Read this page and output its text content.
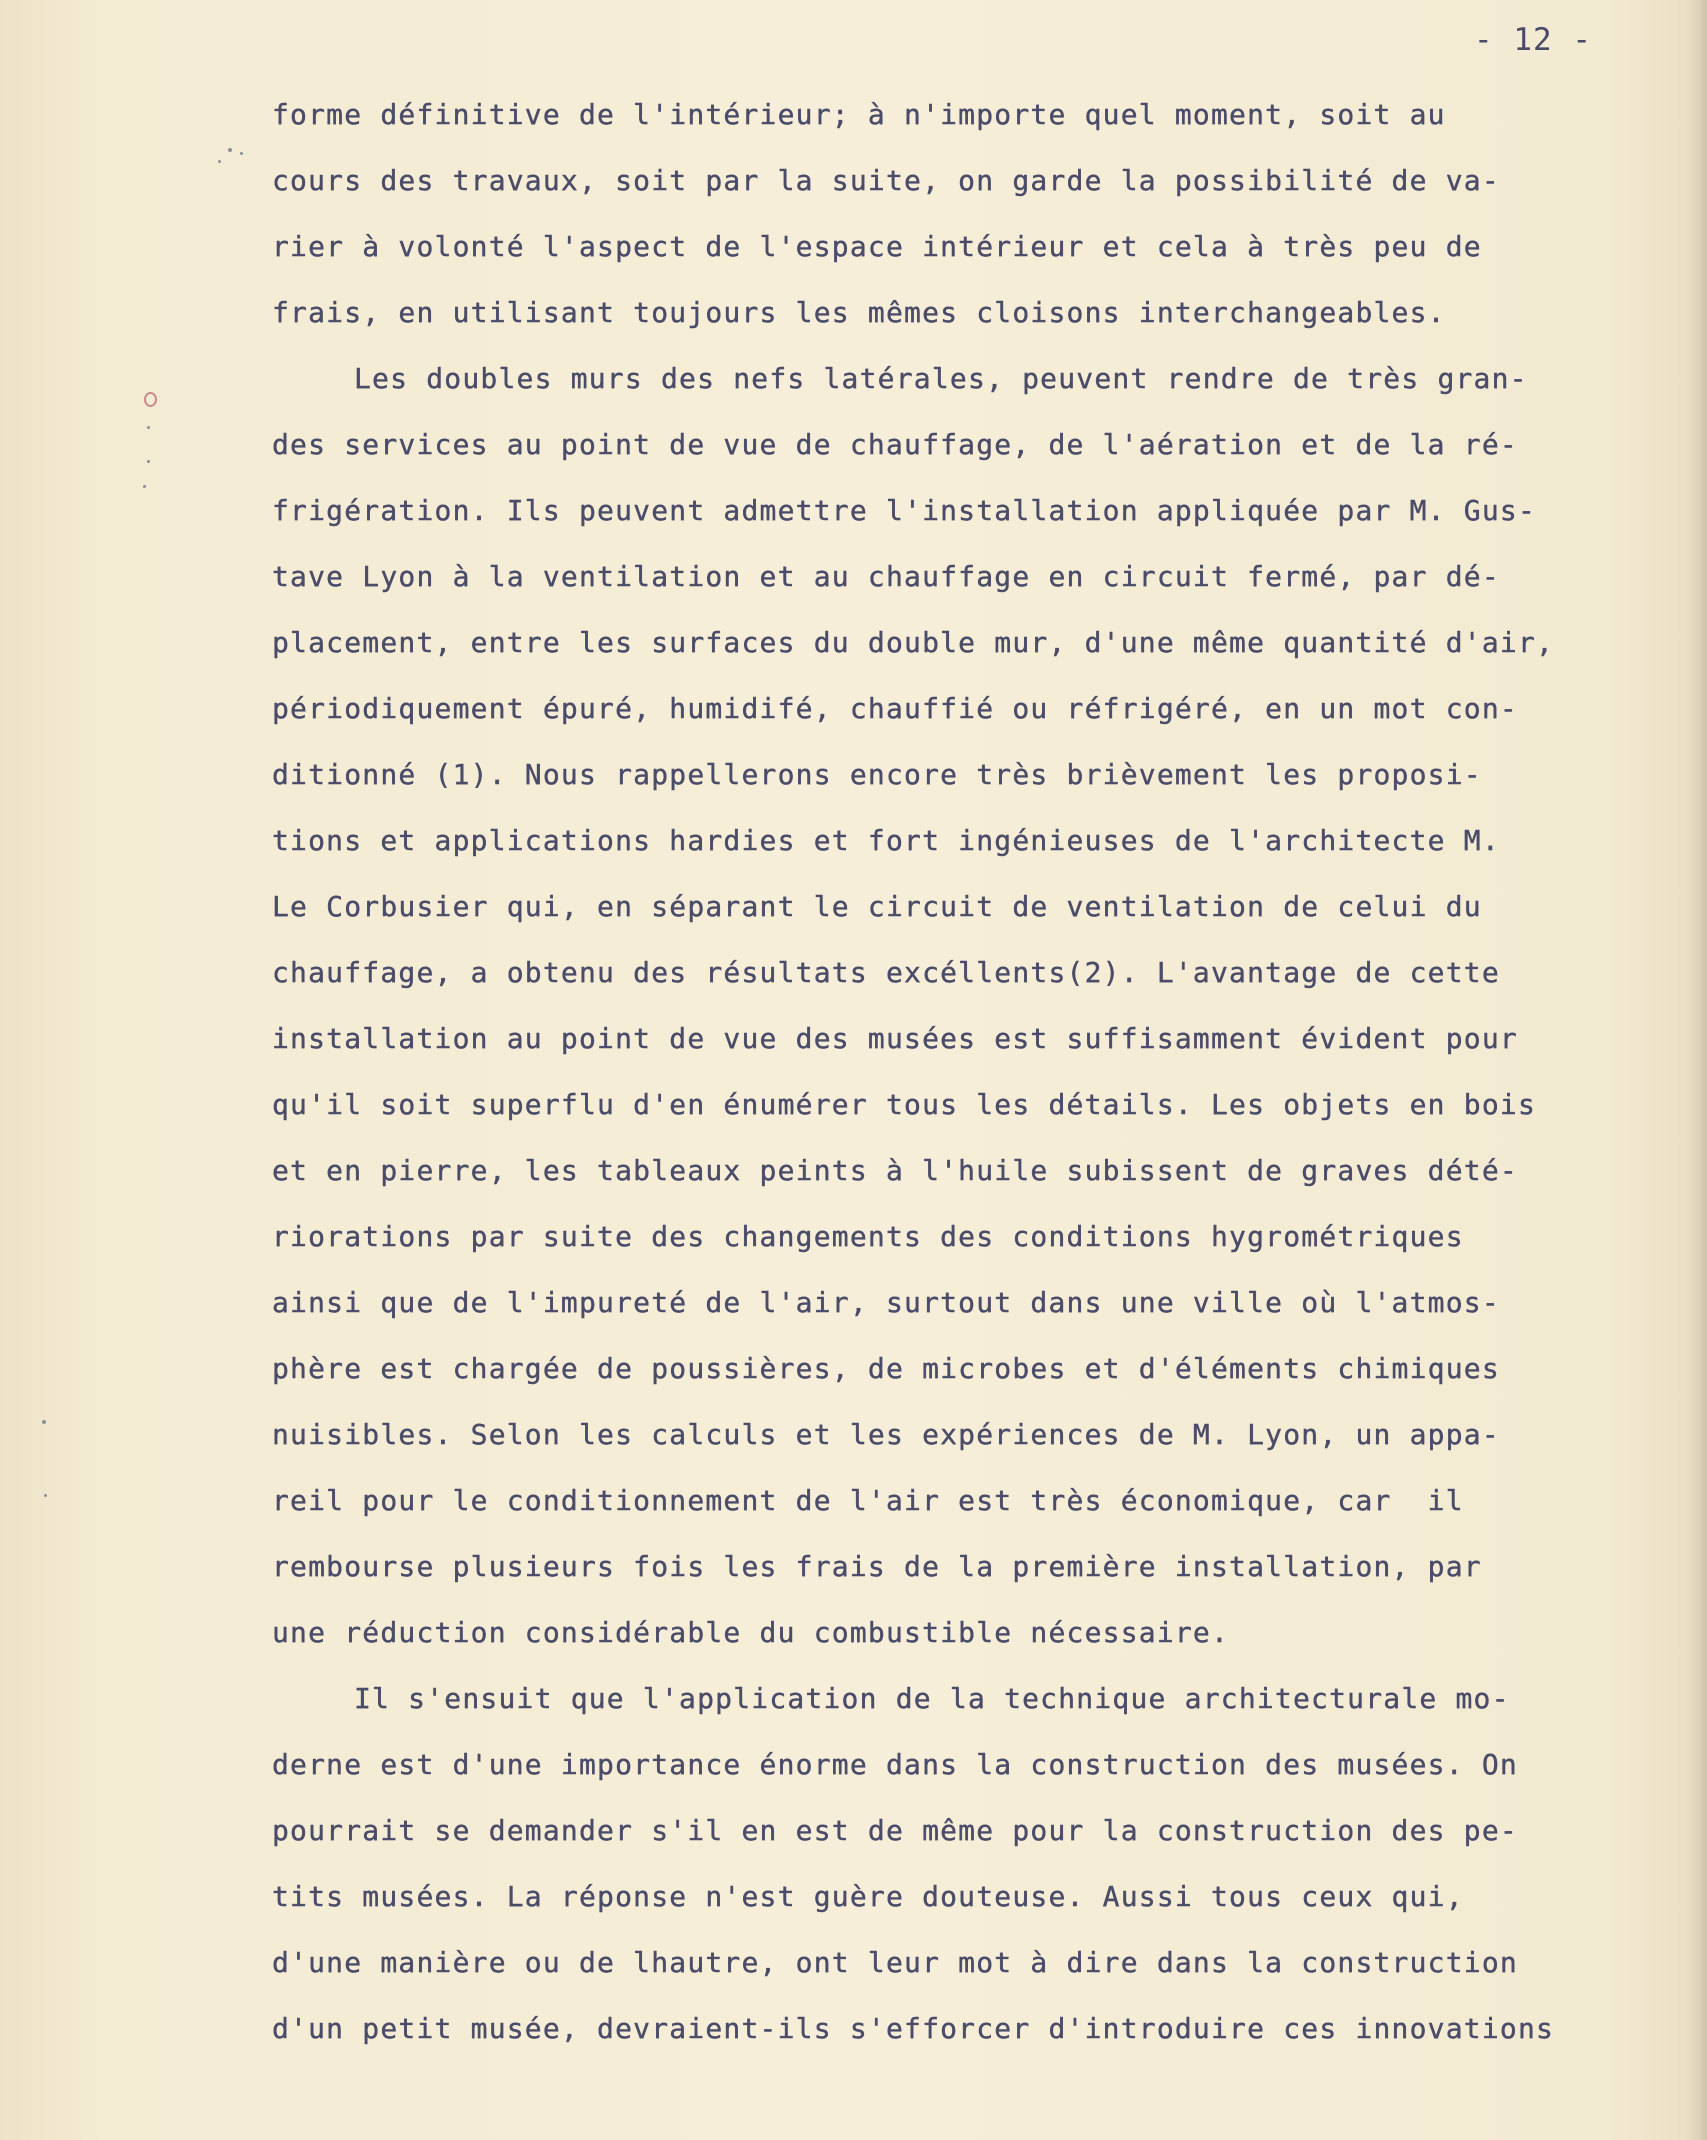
- 12 -
forme définitive de l'intérieur; à n'importe quel moment, soit au
cours des travaux, soit par la suite, on garde la possibilité de va-
rier à volonté l'aspect de l'espace intérieur et cela à très peu de
frais, en utilisant toujours les mêmes cloisons interchangeables.
Les doubles murs des nefs latérales, peuvent rendre de très gran-
des services au point de vue de chauffage, de l'aération et de la ré-
frigération. Ils peuvent admettre l'installation appliquée par M. Gus-
tave Lyon à la ventilation et au chauffage en circuit fermé, par dé-
placement, entre les surfaces du double mur, d'une même quantité d'air,
périodiquement épuré, humidifé, chauffié ou réfrigéré, en un mot con-
ditionné (1). Nous rappellerons encore très brièvement les proposi-
tions et applications hardies et fort ingénieuses de l'architecte M.
Le Corbusier qui, en séparant le circuit de ventilation de celui du
chauffage, a obtenu des résultats excéllents(2). L'avantage de cette
installation au point de vue des musées est suffisamment évident pour
qu'il soit superflu d'en énumérer tous les détails. Les objets en bois
et en pierre, les tableaux peints à l'huile subissent de graves dété-
riorations par suite des changements des conditions hygrométriques
ainsi que de l'impureté de l'air, surtout dans une ville où l'atmos-
phère est chargée de poussières, de microbes et d'éléments chimiques
nuisibles. Selon les calculs et les expériences de M. Lyon, un appa-
reil pour le conditionnement de l'air est très économique, car  il
rembourse plusieurs fois les frais de la première installation, par
une réduction considérable du combustible nécessaire.
Il s'ensuit que l'application de la technique architecturale mo-
derne est d'une importance énorme dans la construction des musées. On
pourrait se demander s'il en est de même pour la construction des pe-
tits musées. La réponse n'est guère douteuse. Aussi tous ceux qui,
d'une manière ou de lhautre, ont leur mot à dire dans la construction
d'un petit musée, devraient-ils s'efforcer d'introduire ces innovations
